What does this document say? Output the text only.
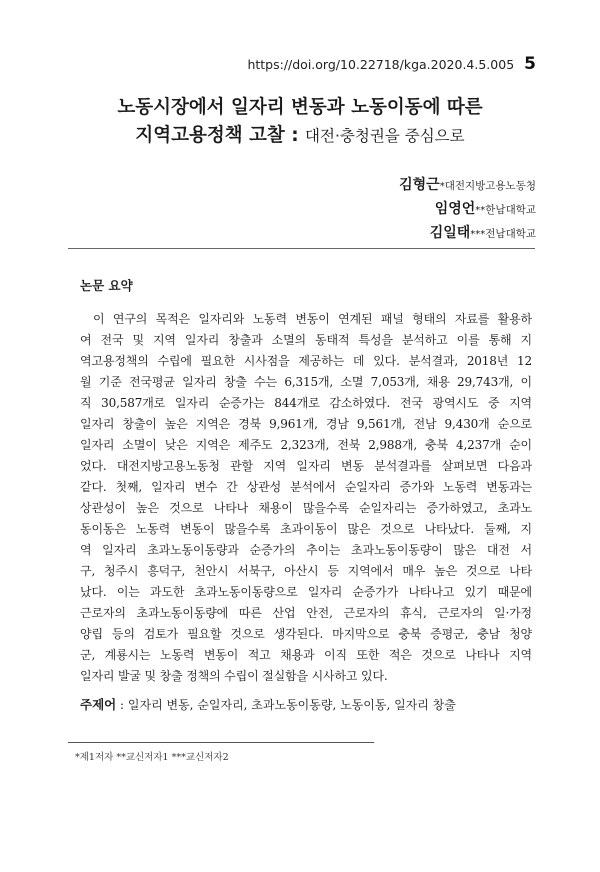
https://doi.org/10.22718/kga.2020.4.5.005 5
노동시장에서 일자리 변동과 노동이동에 따른
지역고용정책 고찰 : 대전·충청권을 중심으로
김형근*대전지방고용노동청
임영언**한남대학교
김일태***전남대학교
논문 요약
이 연구의 목적은 일자리와 노동력 변동이 연계된 패널 형태의 자료를 활용하
여 전국 및 지역 일자리 창출과 소멸의 동태적 특성을 분석하고 이를 통해 지
역고용정책의 수립에 필요한 시사점을 제공하는 데 있다. 분석결과, 2018년 12
월 기준 전국평균 일자리 창출 수는 6,315개, 소멸 7,053개, 채용 29,743개, 이
직 30,587개로 일자리 순증가는 844개로 감소하였다. 전국 광역시도 중 지역
일자리 창출이 높은 지역은 경북 9,961개, 경남 9,561개, 전남 9,430개 순으로
일자리 소멸이 낮은 지역은 제주도 2,323개, 전북 2,988개, 충북 4,237개 순이
었다. 대전지방고용노동청 관할 지역 일자리 변동 분석결과를 살펴보면 다음과
같다. 첫째, 일자리 변수 간 상관성 분석에서 순일자리 증가와 노동력 변동과는
상관성이 높은 것으로 나타나 채용이 많을수록 순일자리는 증가하였고, 초과노
동이동은 노동력 변동이 많을수록 초과이동이 많은 것으로 나타났다. 둘째, 지
역 일자리 초과노동이동량과 순증가의 추이는 초과노동이동량이 많은 대전 서
구, 청주시 흥덕구, 천안시 서북구, 아산시 등 지역에서 매우 높은 것으로 나타
났다. 이는 과도한 초과노동이동량으로 일자리 순증가가 나타나고 있기 때문에
근로자의 초과노동이동량에 따른 산업 안전, 근로자의 휴식, 근로자의 일·가정
양립 등의 검토가 필요할 것으로 생각된다. 마지막으로 충북 증평군, 충남 청양
군, 계룡시는 노동력 변동이 적고 채용과 이직 또한 적은 것으로 나타나 지역
일자리 발굴 및 창출 정책의 수립이 절실함을 시사하고 있다.
주제어 : 일자리 변동, 순일자리, 초과노동이동량, 노동이동, 일자리 창출
*제1저자 **교신저자1 ***교신저자2
